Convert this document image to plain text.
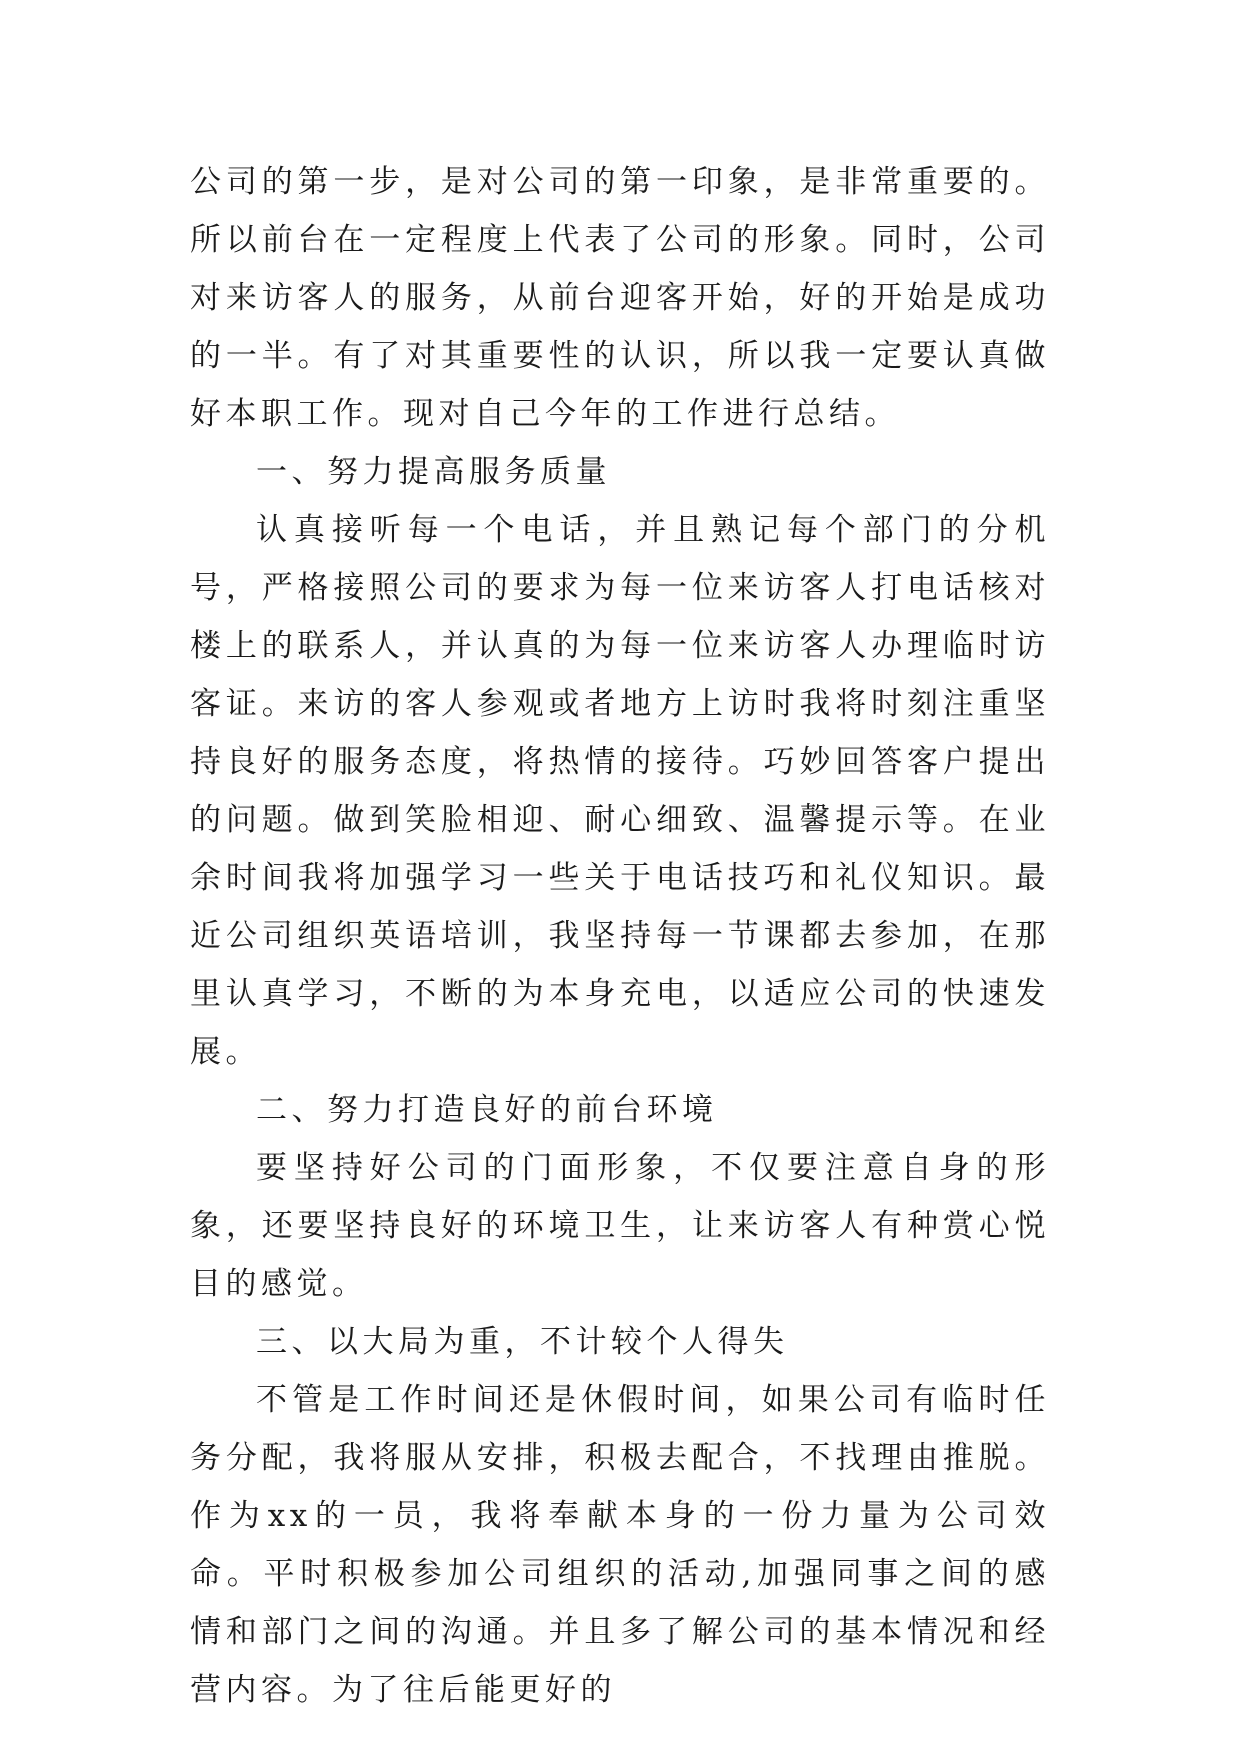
公司的第一步，是对公司的第一印象，是非常重要的。所以前台在一定程度上代表了公司的形象。同时，公司对来访客人的服务，从前台迎客开始，好的开始是成功的一半。有了对其重要性的认识，所以我一定要认真做好本职工作。现对自己今年的工作进行总结。

一、努力提高服务质量

认真接听每一个电话，并且熟记每个部门的分机号，严格接照公司的要求为每一位来访客人打电话核对楼上的联系人，并认真的为每一位来访客人办理临时访客证。来访的客人参观或者地方上访时我将时刻注重坚持良好的服务态度，将热情的接待。巧妙回答客户提出的问题。做到笑脸相迎、耐心细致、温馨提示等。在业余时间我将加强学习一些关于电话技巧和礼仪知识。最近公司组织英语培训，我坚持每一节课都去参加，在那里认真学习，不断的为本身充电，以适应公司的快速发展。

二、努力打造良好的前台环境

要坚持好公司的门面形象，不仅要注意自身的形象，还要坚持良好的环境卫生，让来访客人有种赏心悦目的感觉。

三、以大局为重，不计较个人得失

不管是工作时间还是休假时间，如果公司有临时任务分配，我将服从安排，积极去配合，不找理由推脱。作为xx的一员，我将奉献本身的一份力量为公司效命。平时积极参加公司组织的活动,加强同事之间的感情和部门之间的沟通。并且多了解公司的基本情况和经营内容。为了往后能更好的
